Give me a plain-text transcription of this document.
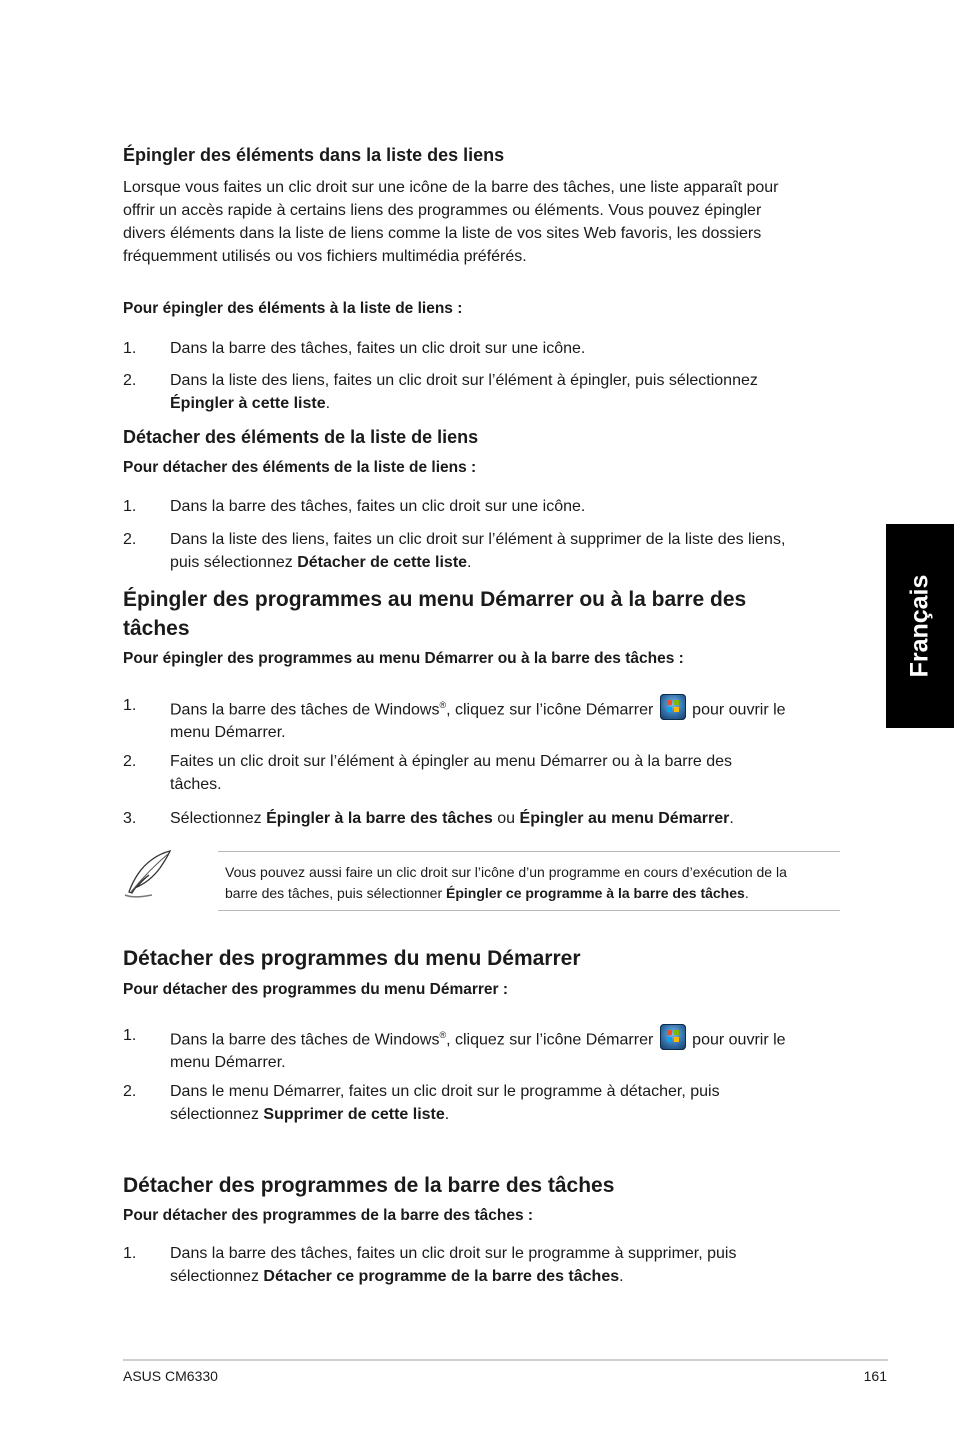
Français
Épingler des éléments dans la liste des liens
Lorsque vous faites un clic droit sur une icône de la barre des tâches, une liste apparaît pour
offrir un accès rapide à certains liens des programmes ou éléments. Vous pouvez épingler
divers éléments dans la liste de liens comme la liste de vos sites Web favoris, les dossiers
fréquemment utilisés ou vos fichiers multimédia préférés.
Pour épingler des éléments à la liste de liens :
1. Dans la barre des tâches, faites un clic droit sur une icône.
2. Dans la liste des liens, faites un clic droit sur l’élément à épingler, puis sélectionnez
Épingler à cette liste.
Détacher des éléments de la liste de liens
Pour détacher des éléments de la liste de liens :
1. Dans la barre des tâches, faites un clic droit sur une icône.
2. Dans la liste des liens, faites un clic droit sur l’élément à supprimer de la liste des liens,
puis sélectionnez Détacher de cette liste.
Épingler des programmes au menu Démarrer ou à la barre des
tâches
Pour épingler des programmes au menu Démarrer ou à la barre des tâches :
1. Dans la barre des tâches de Windows®, cliquez sur l’icône Démarrer  pour ouvrir le
menu Démarrer.
2. Faites un clic droit sur l’élément à épingler au menu Démarrer ou à la barre des
tâches.
3. Sélectionnez Épingler à la barre des tâches ou Épingler au menu Démarrer.
Vous pouvez aussi faire un clic droit sur l’icône d’un programme en cours d’exécution de la
barre des tâches, puis sélectionner Épingler ce programme à la barre des tâches.
Détacher des programmes du menu Démarrer
Pour détacher des programmes du menu Démarrer :
1. Dans la barre des tâches de Windows®, cliquez sur l’icône Démarrer  pour ouvrir le
menu Démarrer.
2. Dans le menu Démarrer, faites un clic droit sur le programme à détacher, puis
sélectionnez Supprimer de cette liste.
Détacher des programmes de la barre des tâches
Pour détacher des programmes de la barre des tâches :
1. Dans la barre des tâches, faites un clic droit sur le programme à supprimer, puis
sélectionnez Détacher ce programme de la barre des tâches.
ASUS CM6330	161
